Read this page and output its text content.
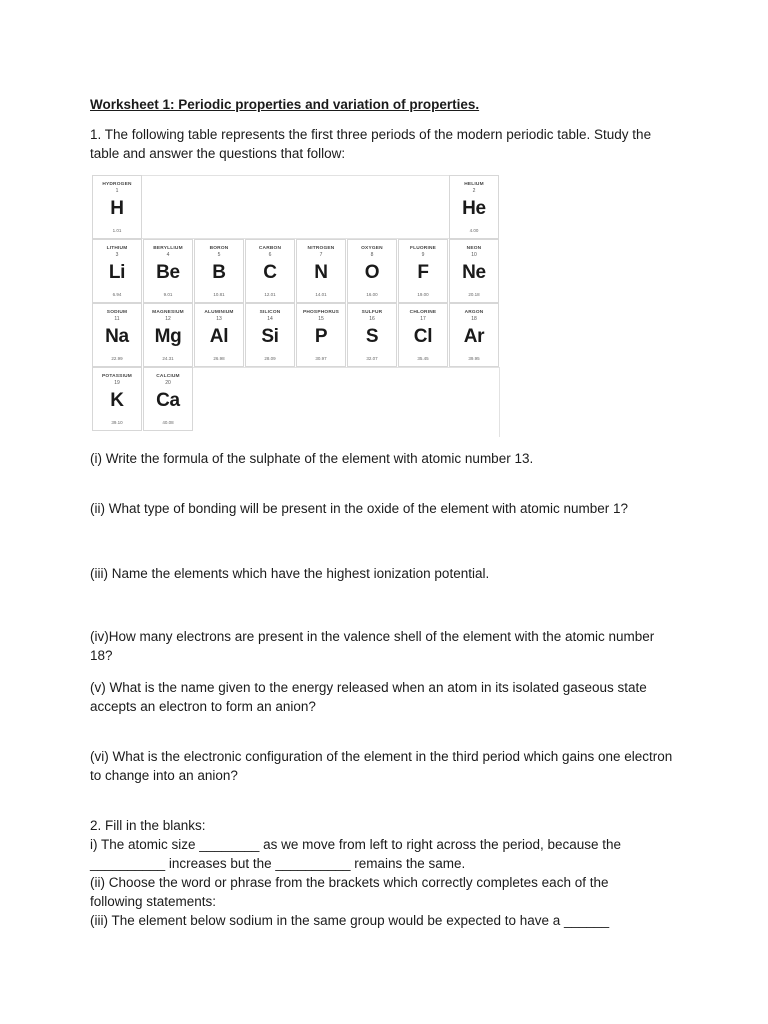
Worksheet 1: Periodic properties and variation of properties.
1. The following table represents the first three periods of the modern periodic table. Study the table and answer the questions that follow:
HYDROGEN
1
H
1.01
HELIUM
2
He
4.00
LITHIUM
3
Li
6.94
BERYLLIUM
4
Be
9.01
BORON
5
B
10.81
CARBON
6
C
12.01
NITROGEN
7
N
14.01
OXYGEN
8
O
16.00
FLUORINE
9
F
19.00
NEON
10
Ne
20.18
SODIUM
11
Na
22.99
MAGNESIUM
12
Mg
24.31
ALUMINIUM
13
Al
26.98
SILICON
14
Si
28.09
PHOSPHORUS
15
P
30.97
SULFUR
16
S
32.07
CHLORINE
17
Cl
35.45
ARGON
18
Ar
39.95
POTASSIUM
19
K
39.10
CALCIUM
20
Ca
40.08
(i) Write the formula of the sulphate of the element with atomic number 13.
(ii) What type of bonding will be present in the oxide of the element with atomic number 1?
(iii) Name the elements which have the highest ionization potential.
(iv)How many electrons are present in the valence shell of the element with the atomic number 18?
(v) What is the name given to the energy released when an atom in its isolated gaseous state accepts an electron to form an anion?
(vi) What is the electronic configuration of the element in the third period which gains one electron to change into an anion?
2. Fill in the blanks:
i) The atomic size ________ as we move from left to right across the period, because the __________ increases but the __________ remains the same.
(ii) Choose the word or phrase from the brackets which correctly completes each of the following statements:
(iii) The element below sodium in the same group would be expected to have a ______
